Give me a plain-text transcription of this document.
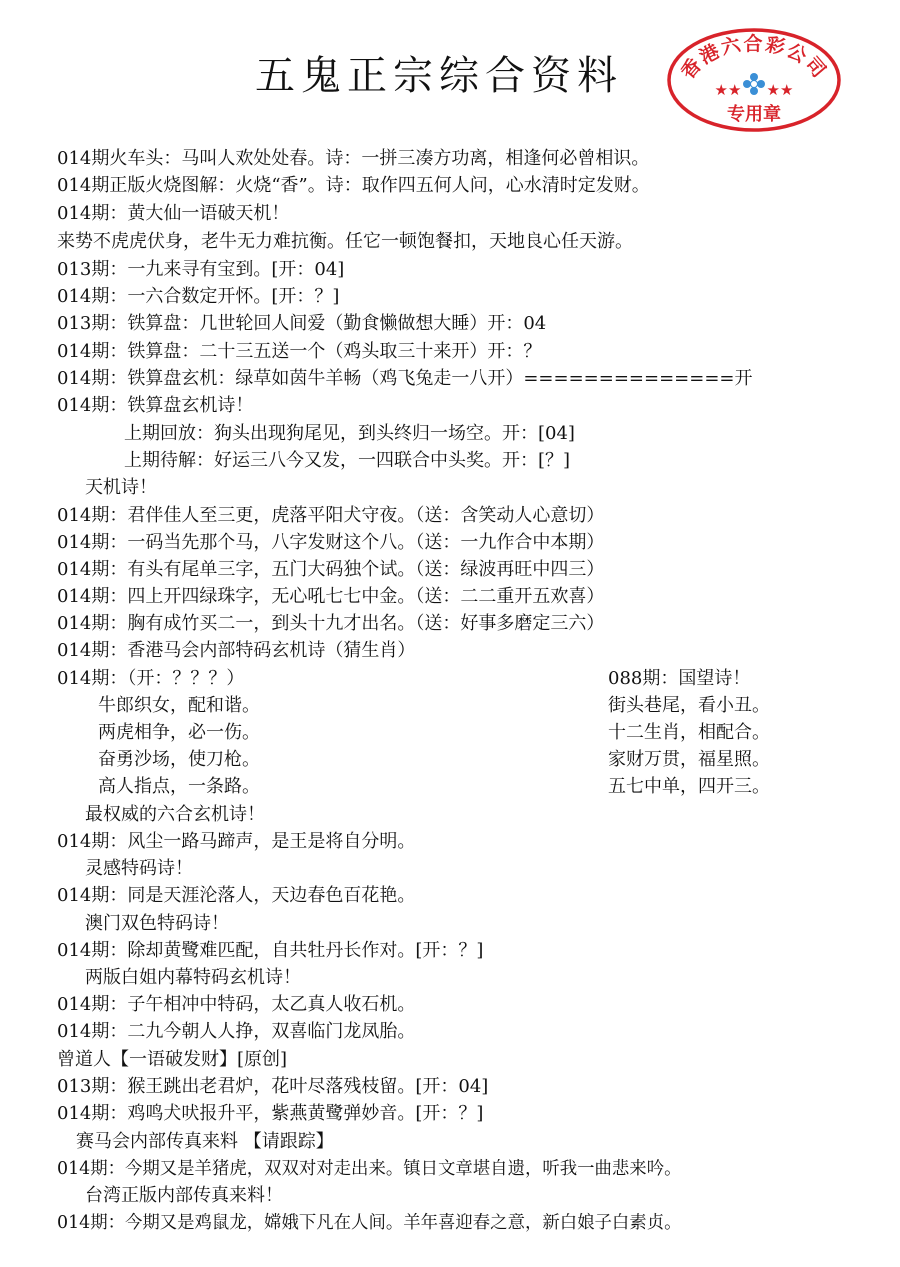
五鬼正宗综合资料	香港六合彩公司
★★ ★★
专用章
014期火车头：马叫人欢处处春。诗：一拼三凑方功离，相逢何必曾相识。
014期正版火烧图解：火烧“香”。诗：取作四五何人问，心水清时定发财。
014期：黄大仙一语破天机！
来势不虎虎伏身，老牛无力难抗衡。任它一顿饱餐扣，天地良心任天游。
013期：一九来寻有宝到。[开：04]
014期：一六合数定开怀。[开：？]
013期：铁算盘：几世轮回人间爱（勤食懒做想大睡）开：04
014期：铁算盘：二十三五送一个（鸡头取三十来开）开：？
014期：铁算盘玄机：绿草如茵牛羊畅（鸡飞兔走一八开）==============开
014期：铁算盘玄机诗！
上期回放：狗头出现狗尾见，到头终归一场空。开：[04]
上期待解：好运三八今又发，一四联合中头奖。开：[？]
天机诗！
014期：君伴佳人至三更，虎落平阳犬守夜。（送：含笑动人心意切）
014期：一码当先那个马，八字发财这个八。（送：一九作合中本期）
014期：有头有尾单三字，五门大码独个试。（送：绿波再旺中四三）
014期：四上开四绿珠字，无心吼七七中金。（送：二二重开五欢喜）
014期：胸有成竹买二一，到头十九才出名。（送：好事多磨定三六）
014期：香港马会内部特码玄机诗（猜生肖）
014期：（开：？？？）
牛郎织女，配和谐。
两虎相争，必一伤。
奋勇沙场，使刀枪。
高人指点，一条路。
最权威的六合玄机诗！
014期：风尘一路马蹄声，是王是将自分明。
灵感特码诗！
014期：同是天涯沦落人，天边春色百花艳。
澳门双色特码诗！
014期：除却黄鹭难匹配，自共牡丹长作对。[开：？]
两版白姐内幕特码玄机诗！
014期：子午相冲中特码，太乙真人收石机。
014期：二九今朝人人挣，双喜临门龙凤胎。
曾道人【一语破发财】[原创]
013期：猴王跳出老君炉，花叶尽落残枝留。[开：04]
014期：鸡鸣犬吠报升平，紫燕黄鹭弹妙音。[开：？]
赛马会内部传真来料 【请跟踪】
014期：今期又是羊猪虎，双双对对走出来。镇日文章堪自遗，听我一曲悲来吟。
台湾正版内部传真来料！
014期：今期又是鸡鼠龙，嫦娥下凡在人间。羊年喜迎春之意，新白娘子白素贞。
088期：国望诗！
街头巷尾，看小丑。
十二生肖，相配合。
家财万贯，福星照。
五七中单，四开三。
